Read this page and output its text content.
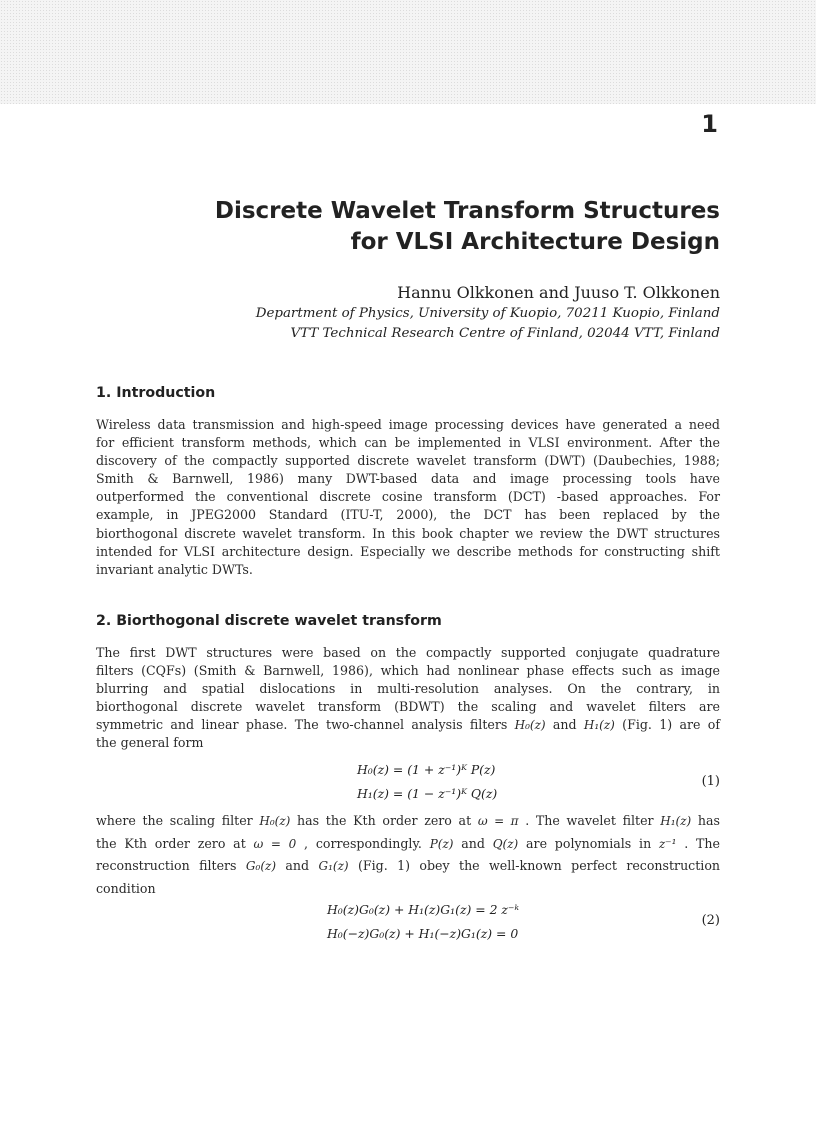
1
Discrete Wavelet Transform Structures
for VLSI Architecture Design
Hannu Olkkonen and Juuso T. Olkkonen
Department of Physics, University of Kuopio, 70211 Kuopio, Finland
VTT Technical Research Centre of Finland, 02044 VTT, Finland
1. Introduction
Wireless data transmission and high-speed image processing devices have generated a need
for efficient transform methods, which can be implemented in VLSI environment. After the
discovery of the compactly supported discrete wavelet transform (DWT) (Daubechies, 1988;
Smith & Barnwell, 1986) many DWT-based data and image processing tools have
outperformed the conventional discrete cosine transform (DCT) -based approaches. For
example, in JPEG2000 Standard (ITU-T, 2000), the DCT has been replaced by the
biorthogonal discrete wavelet transform. In this book chapter we review the DWT structures
intended for VLSI architecture design. Especially we describe methods for constructing shift
invariant analytic DWTs.
2. Biorthogonal discrete wavelet transform
The first DWT structures were based on the compactly supported conjugate quadrature
filters (CQFs) (Smith & Barnwell, 1986), which had nonlinear phase effects such as image
blurring and spatial dislocations in multi-resolution analyses. On the contrary, in
biorthogonal discrete wavelet transform (BDWT) the scaling and wavelet filters are
symmetric and linear phase. The two-channel analysis filters H₀(z) and H₁(z) (Fig. 1) are of
the general form
H₀(z) = (1 + z⁻¹)ᴷ P(z)
H₁(z) = (1 − z⁻¹)ᴷ Q(z)
(1)
where the scaling filter H₀(z) has the Kth order zero at ω = π . The wavelet filter H₁(z) has
the Kth order zero at ω = 0 , correspondingly. P(z) and Q(z) are polynomials in z⁻¹ . The
reconstruction filters G₀(z) and G₁(z) (Fig. 1) obey the well-known perfect reconstruction
condition
H₀(z)G₀(z) + H₁(z)G₁(z) = 2 z⁻ᵏ
H₀(−z)G₀(z) + H₁(−z)G₁(z) = 0
(2)
